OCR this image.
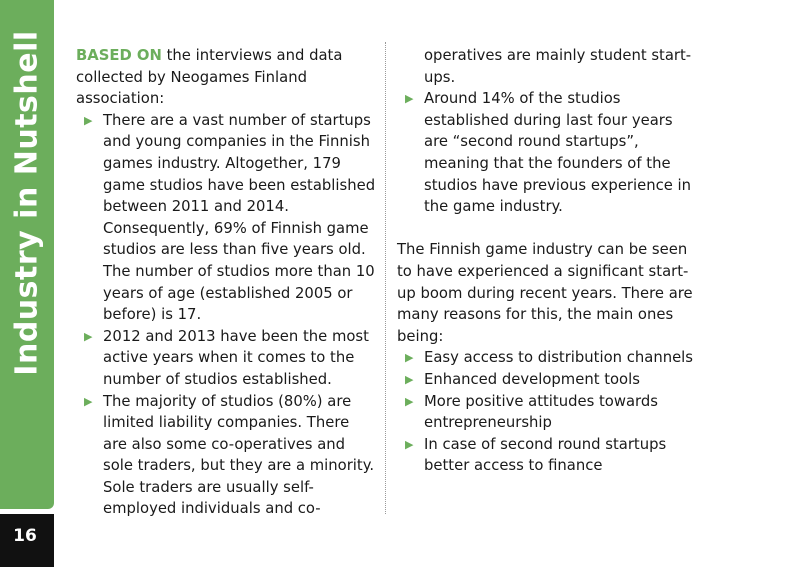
Industry in Nutshell
16

BASED ON the interviews and data collected by Neogames Finland association:

▶ There are a vast number of startups and young companies in the Finnish games industry. Altogether, 179 game studios have been established between 2011 and 2014. Consequently, 69% of Finnish game studios are less than five years old. The number of studios more than 10 years of age (established 2005 or before) is 17.
▶ 2012 and 2013 have been the most active years when it comes to the number of studios established.
▶ The majority of studios (80%) are limited liability companies. There are also some co-operatives and sole traders, but they are a minority. Sole traders are usually self-employed individuals and co-

operatives are mainly student start-ups.

▶ Around 14% of the studios established during last four years are “second round startups”, meaning that the founders of the studios have previous experience in the game industry.

The Finnish game industry can be seen to have experienced a significant start-up boom during recent years. There are many reasons for this, the main ones being:

▶ Easy access to distribution channels
▶ Enhanced development tools
▶ More positive attitudes towards entrepreneurship
▶ In case of second round startups better access to finance
